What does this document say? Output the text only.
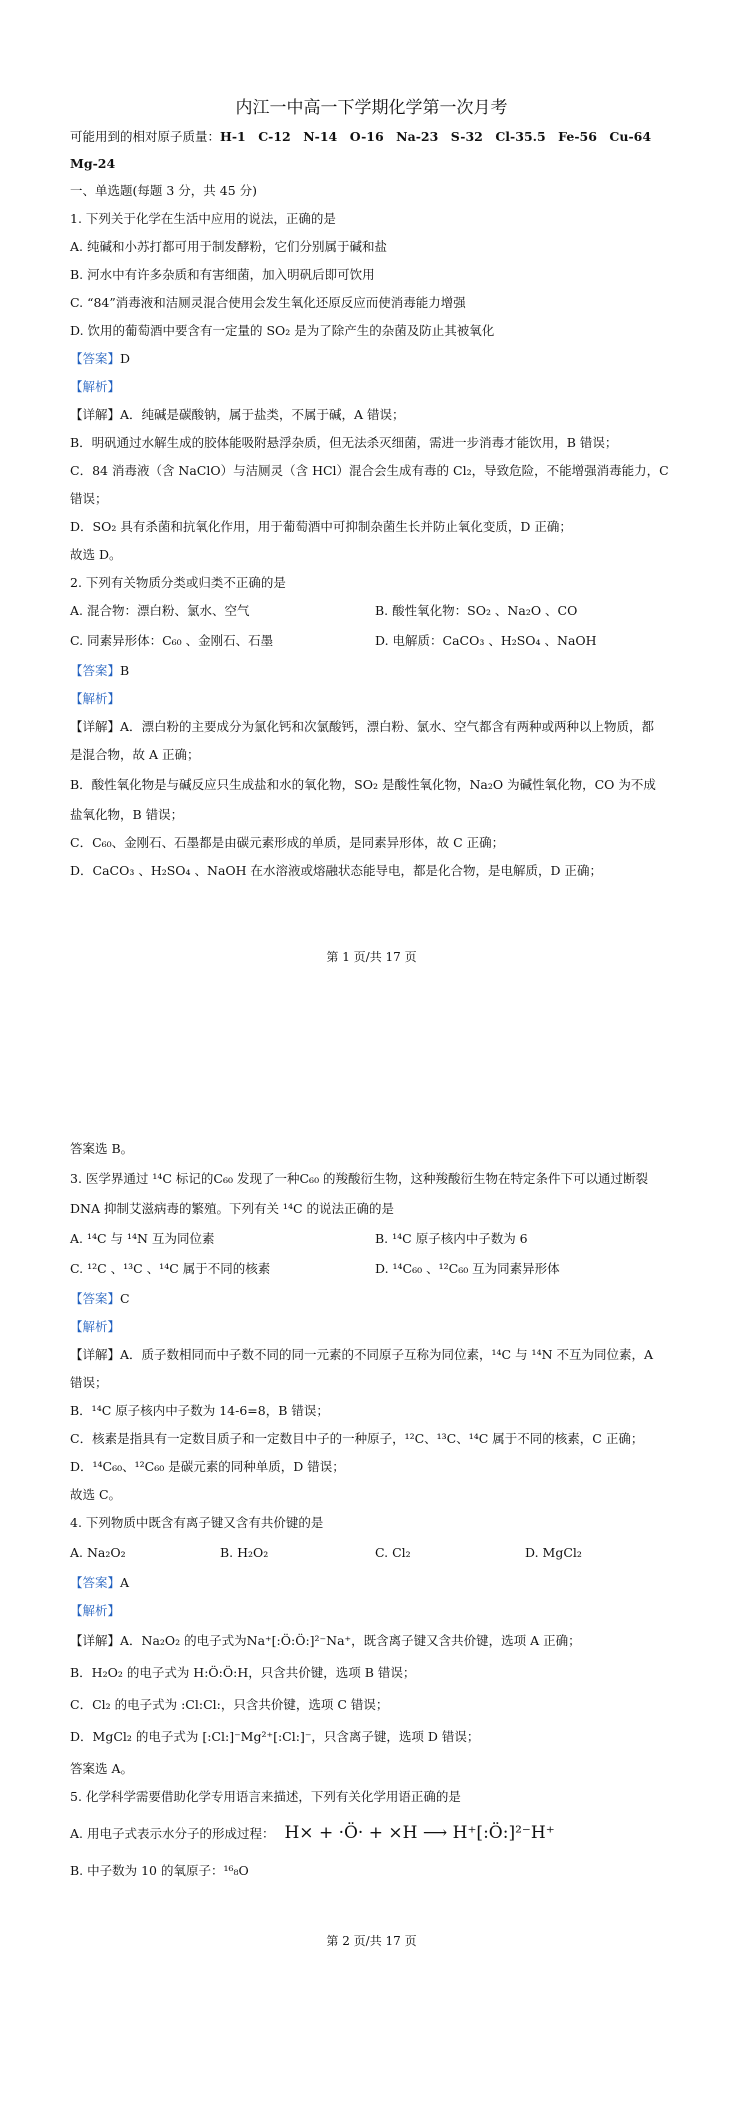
内江一中高一下学期化学第一次月考
可能用到的相对原子质量：H-1　C-12　N-14　O-16　Na-23　S-32　Cl-35.5　Fe-56　Cu-64
Mg-24
一、单选题(每题 3 分，共 45 分)
1. 下列关于化学在生活中应用的说法，正确的是
A. 纯碱和小苏打都可用于制发酵粉，它们分别属于碱和盐
B. 河水中有许多杂质和有害细菌，加入明矾后即可饮用
C. “84”消毒液和洁厕灵混合使用会发生氧化还原反应而使消毒能力增强
D. 饮用的葡萄酒中要含有一定量的 SO₂ 是为了除产生的杂菌及防止其被氧化
【答案】D
【解析】
【详解】A．纯碱是碳酸钠，属于盐类，不属于碱，A 错误；
B．明矾通过水解生成的胶体能吸附悬浮杂质，但无法杀灭细菌，需进一步消毒才能饮用，B 错误；
C．84 消毒液（含 NaClO）与洁厕灵（含 HCl）混合会生成有毒的 Cl₂，导致危险，不能增强消毒能力，C
错误；
D．SO₂ 具有杀菌和抗氧化作用，用于葡萄酒中可抑制杂菌生长并防止氧化变质，D 正确；
故选 D。
2. 下列有关物质分类或归类不正确的是
A. 混合物：漂白粉、氯水、空气	B. 酸性氧化物：SO₂ 、Na₂O 、CO
C. 同素异形体：C₆₀ 、金刚石、石墨	D. 电解质：CaCO₃ 、H₂SO₄ 、NaOH
【答案】B
【解析】
【详解】A．漂白粉的主要成分为氯化钙和次氯酸钙，漂白粉、氯水、空气都含有两种或两种以上物质，都
是混合物，故 A 正确；
B．酸性氧化物是与碱反应只生成盐和水的氧化物，SO₂ 是酸性氧化物，Na₂O 为碱性氧化物，CO 为不成
盐氧化物，B 错误；
C．C₆₀、金刚石、石墨都是由碳元素形成的单质，是同素异形体，故 C 正确；
D．CaCO₃ 、H₂SO₄ 、NaOH 在水溶液或熔融状态能导电，都是化合物，是电解质，D 正确；
第 1 页/共 17 页
答案选 B。
3. 医学界通过 ¹⁴C 标记的C₆₀ 发现了一种C₆₀ 的羧酸衍生物，这种羧酸衍生物在特定条件下可以通过断裂
DNA 抑制艾滋病毒的繁殖。下列有关 ¹⁴C 的说法正确的是
A. ¹⁴C 与 ¹⁴N 互为同位素	B. ¹⁴C 原子核内中子数为 6
C. ¹²C 、¹³C 、¹⁴C 属于不同的核素	D. ¹⁴C₆₀ 、¹²C₆₀ 互为同素异形体
【答案】C
【解析】
【详解】A．质子数相同而中子数不同的同一元素的不同原子互称为同位素，¹⁴C 与 ¹⁴N 不互为同位素，A
错误；
B．¹⁴C 原子核内中子数为 14-6=8，B 错误；
C．核素是指具有一定数目质子和一定数目中子的一种原子，¹²C、¹³C、¹⁴C 属于不同的核素，C 正确；
D．¹⁴C₆₀、¹²C₆₀ 是碳元素的同种单质，D 错误；
故选 C。
4. 下列物质中既含有离子键又含有共价键的是
A. Na₂O₂	B. H₂O₂	C. Cl₂	D. MgCl₂
【答案】A
【解析】
【详解】A．Na₂O₂ 的电子式为Na⁺[:Ö:Ö:]²⁻Na⁺，既含离子键又含共价键，选项 A 正确；
B．H₂O₂ 的电子式为 H:Ö:Ö:H，只含共价键，选项 B 错误；
C．Cl₂ 的电子式为 :Cl:Cl:，只含共价键，选项 C 错误；
D．MgCl₂ 的电子式为 [:Cl:]⁻Mg²⁺[:Cl:]⁻，只含离子键，选项 D 错误；
答案选 A。
5. 化学科学需要借助化学专用语言来描述，下列有关化学用语正确的是
A. 用电子式表示水分子的形成过程： H× + ·Ö· + ×H ⟶ H⁺[:Ö:]²⁻H⁺
B. 中子数为 10 的氧原子：¹⁶₈O
第 2 页/共 17 页
